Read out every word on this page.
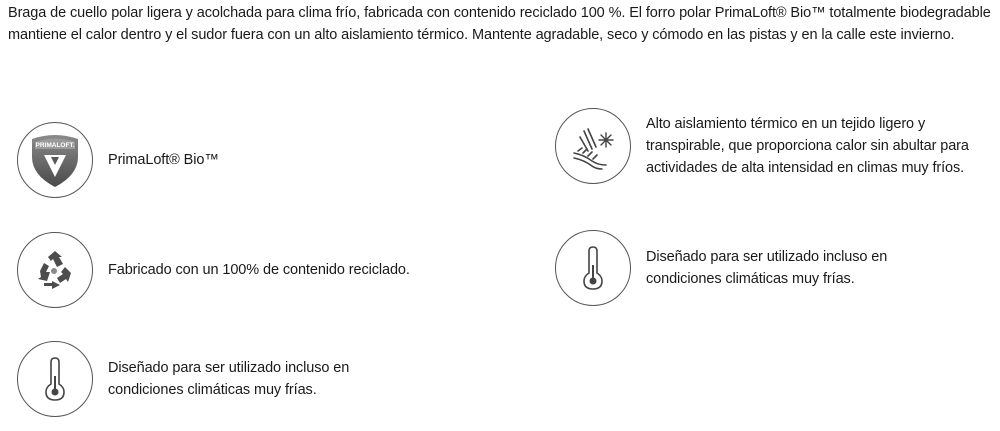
Braga de cuello polar ligera y acolchada para clima frío, fabricada con contenido reciclado 100 %. El forro polar PrimaLoft® Bio™ totalmente biodegradable mantiene el calor dentro y el sudor fuera con un alto aislamiento térmico. Mantente agradable, seco y cómodo en las pistas y en la calle este invierno.

PRIMALOFT.
PrimaLoft® Bio™
Fabricado con un 100% de contenido reciclado.
Diseñado para ser utilizado incluso en condiciones climáticas muy frías.
Alto aislamiento térmico en un tejido ligero y transpirable, que proporciona calor sin abultar para actividades de alta intensidad en climas muy fríos.
Diseñado para ser utilizado incluso en condiciones climáticas muy frías.
